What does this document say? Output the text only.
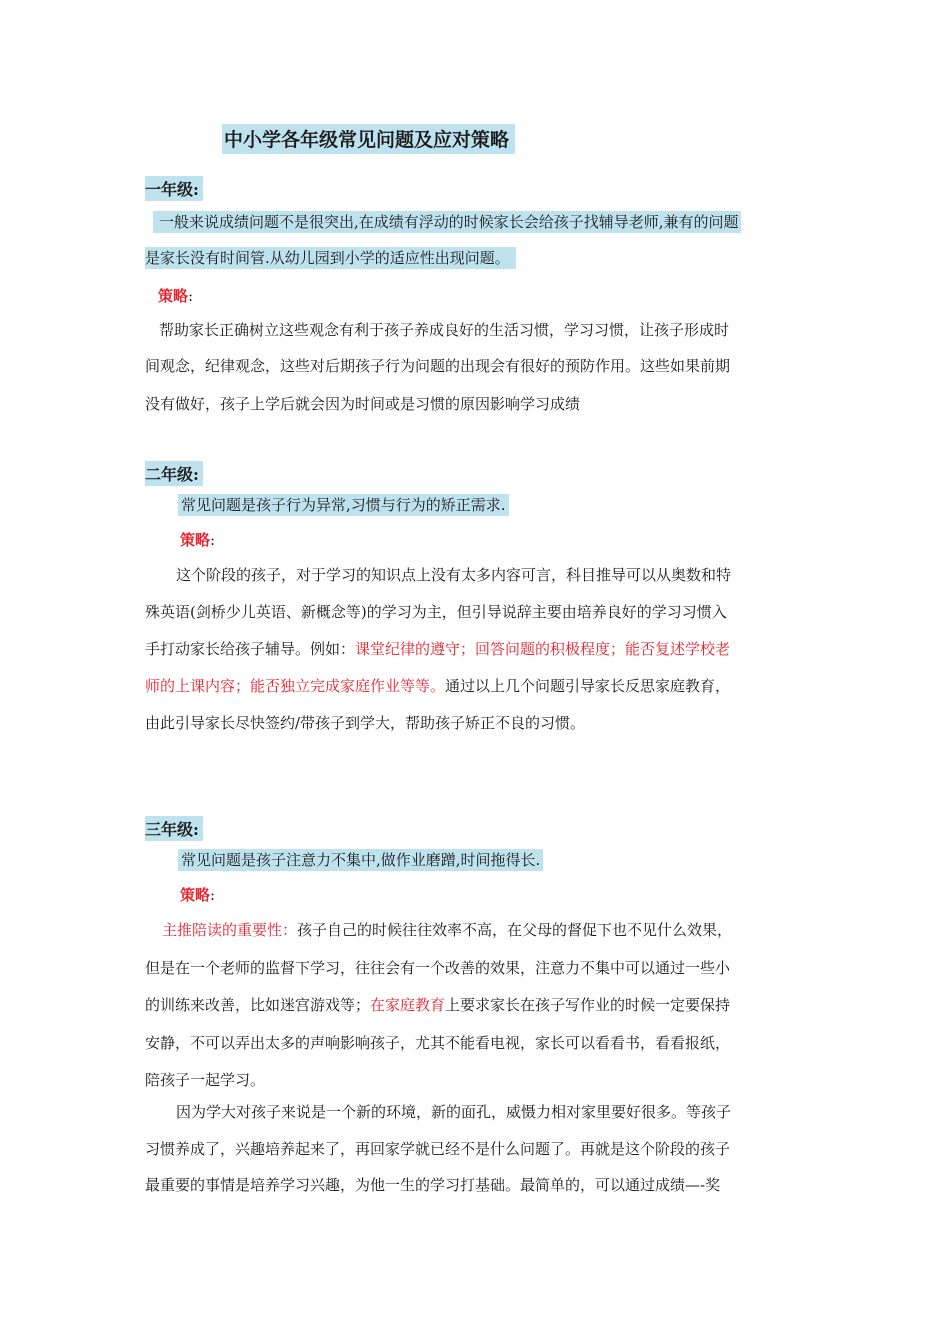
中小学各年级常见问题及应对策略
一年级:
一般来说成绩问题不是很突出,在成绩有浮动的时候家长会给孩子找辅导老师,兼有的问题
是家长没有时间管.从幼儿园到小学的适应性出现问题。
策略:
帮助家长正确树立这些观念有利于孩子养成良好的生活习惯，学习习惯，让孩子形成时
间观念，纪律观念，这些对后期孩子行为问题的出现会有很好的预防作用。这些如果前期
没有做好，孩子上学后就会因为时间或是习惯的原因影响学习成绩
二年级:
常见问题是孩子行为异常,习惯与行为的矫正需求.
策略:
这个阶段的孩子，对于学习的知识点上没有太多内容可言，科目推导可以从奥数和特
殊英语(剑桥少儿英语、新概念等)的学习为主，但引导说辞主要由培养良好的学习习惯入
手打动家长给孩子辅导。例如：课堂纪律的遵守；回答问题的积极程度；能否复述学校老
师的上课内容；能否独立完成家庭作业等等。通过以上几个问题引导家长反思家庭教育，
由此引导家长尽快签约/带孩子到学大，帮助孩子矫正不良的习惯。
三年级:
常见问题是孩子注意力不集中,做作业磨蹭,时间拖得长.
策略:
主推陪读的重要性：孩子自己的时候往往效率不高，在父母的督促下也不见什么效果，
但是在一个老师的监督下学习，往往会有一个改善的效果，注意力不集中可以通过一些小
的训练来改善，比如迷宫游戏等；在家庭教育上要求家长在孩子写作业的时候一定要保持
安静，不可以弄出太多的声响影响孩子，尤其不能看电视，家长可以看看书，看看报纸，
陪孩子一起学习。
因为学大对孩子来说是一个新的环境，新的面孔，威慑力相对家里要好很多。等孩子
习惯养成了，兴趣培养起来了，再回家学就已经不是什么问题了。再就是这个阶段的孩子
最重要的事情是培养学习兴趣，为他一生的学习打基础。最简单的，可以通过成绩—-奖
